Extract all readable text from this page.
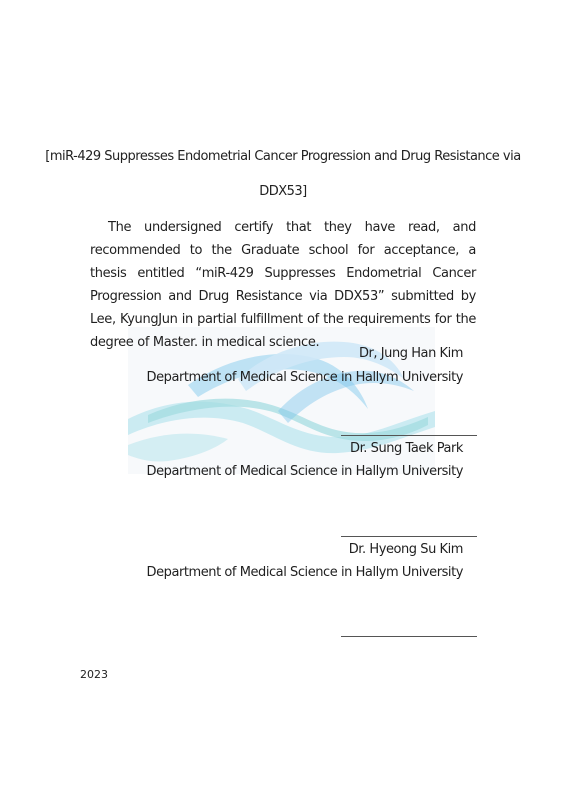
[miR-429 Suppresses Endometrial Cancer Progression and Drug Resistance via
DDX53]

The undersigned certify that they have read, and recommended to the Graduate school for acceptance, a thesis entitled “miR-429 Suppresses Endometrial Cancer Progression and Drug Resistance via DDX53” submitted by Lee, KyungJun in partial fulfillment of the requirements for the degree of Master. in medical science.

Dr, Jung Han Kim
Department of Medical Science in Hallym University
Dr. Sung Taek Park
Department of Medical Science in Hallym University
Dr. Hyeong Su Kim
Department of Medical Science in Hallym University
2023
